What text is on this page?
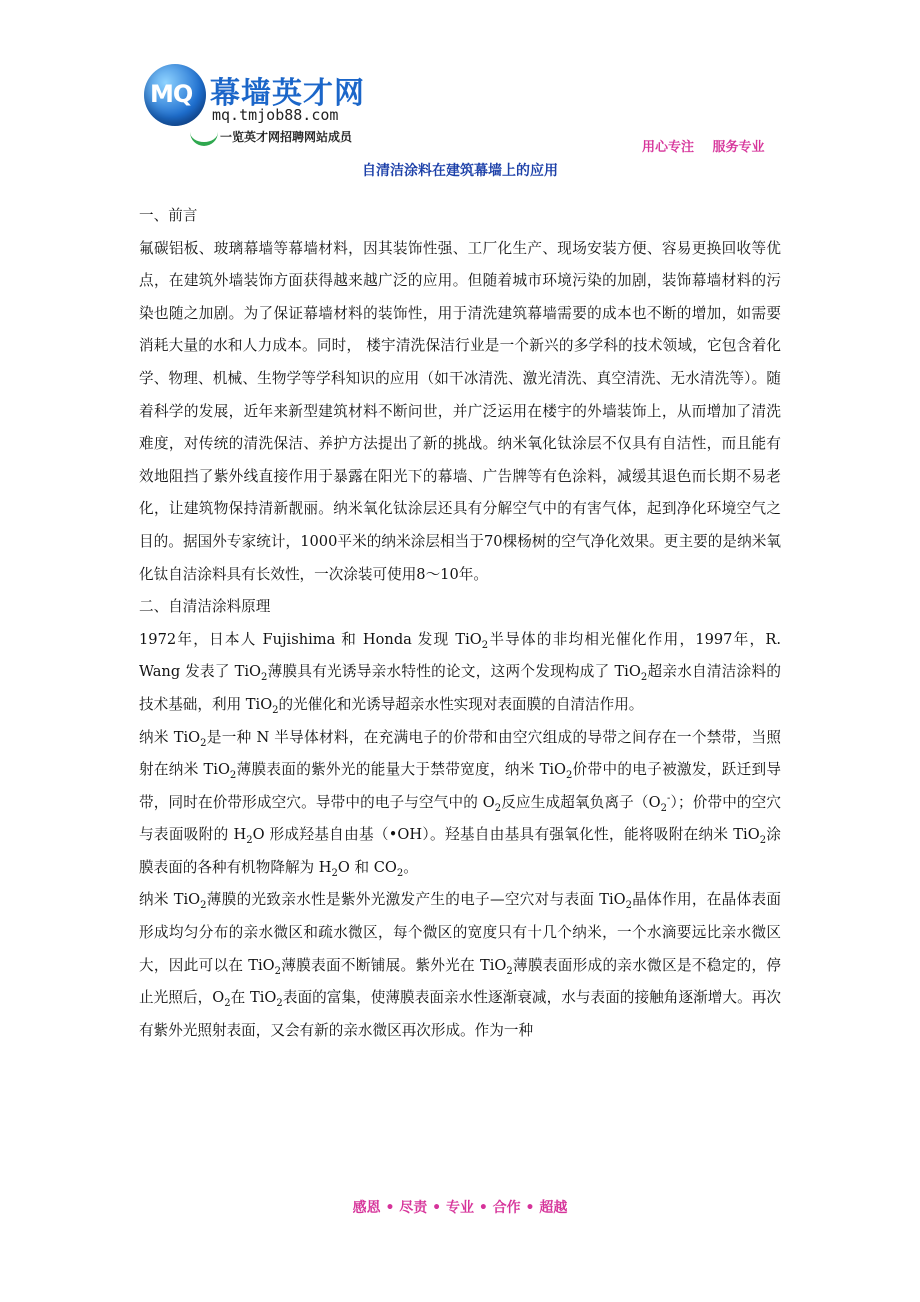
MQ 幕墙英才网
mq.tmjob88.com
一览英才网招聘网站成员
用心专注 服务专业
自清洁涂料在建筑幕墙上的应用

一、前言

氟碳铝板、玻璃幕墙等幕墙材料，因其装饰性强、工厂化生产、现场安装方便、容易更换回收等优点，在建筑外墙装饰方面获得越来越广泛的应用。但随着城市环境污染的加剧，装饰幕墙材料的污染也随之加剧。为了保证幕墙材料的装饰性，用于清洗建筑幕墙需要的成本也不断的增加，如需要消耗大量的水和人力成本。同时， 楼宇清洗保洁行业是一个新兴的多学科的技术领域，它包含着化学、物理、机械、生物学等学科知识的应用（如干冰清洗、激光清洗、真空清洗、无水清洗等）。随着科学的发展，近年来新型建筑材料不断问世，并广泛运用在楼宇的外墙装饰上，从而增加了清洗难度，对传统的清洗保洁、养护方法提出了新的挑战。纳米氧化钛涂层不仅具有自洁性，而且能有效地阻挡了紫外线直接作用于暴露在阳光下的幕墙、广告牌等有色涂料，减缓其退色而长期不易老化，让建筑物保持清新靓丽。纳米氧化钛涂层还具有分解空气中的有害气体，起到净化环境空气之目的。据国外专家统计，1000平米的纳米涂层相当于70棵杨树的空气净化效果。更主要的是纳米氧化钛自洁涂料具有长效性，一次涂装可使用8～10年。

二、自清洁涂料原理

1972年，日本人 Fujishima 和 Honda 发现 TiO$_2$半导体的非均相光催化作用，1997年，R. Wang 发表了 TiO$_2$薄膜具有光诱导亲水特性的论文，这两个发现构成了 TiO$_2$超亲水自清洁涂料的技术基础，利用 TiO$_2$的光催化和光诱导超亲水性实现对表面膜的自清洁作用。

纳米 TiO$_2$是一种 N 半导体材料，在充满电子的价带和由空穴组成的导带之间存在一个禁带，当照射在纳米 TiO$_2$薄膜表面的紫外光的能量大于禁带宽度，纳米 TiO$_2$价带中的电子被激发，跃迁到导带，同时在价带形成空穴。导带中的电子与空气中的 $O_2$反应生成超氧负离子$(O_2^-)$；价带中的空穴与表面吸附的 $H_2O$ 形成羟基自由基（•OH）。羟基自由基具有强氧化性，能将吸附在纳米 TiO$_2$涂膜表面的各种有机物降解为 $H_2O$ 和 $CO_2$。

纳米 TiO$_2$薄膜的光致亲水性是紫外光激发产生的电子—空穴对与表面 TiO$_2$晶体作用，在晶体表面形成均匀分布的亲水微区和疏水微区，每个微区的宽度只有十几个纳米，一个水滴要远比亲水微区大，因此可以在 TiO$_2$薄膜表面不断铺展。紫外光在 TiO$_2$薄膜表面形成的亲水微区是不稳定的，停止光照后，$O_2$在 TiO$_2$表面的富集，使薄膜表面亲水性逐渐衰减，水与表面的接触角逐渐增大。再次有紫外光照射表面，又会有新的亲水微区再次形成。作为一种

感恩 • 尽责 • 专业 • 合作 • 超越
